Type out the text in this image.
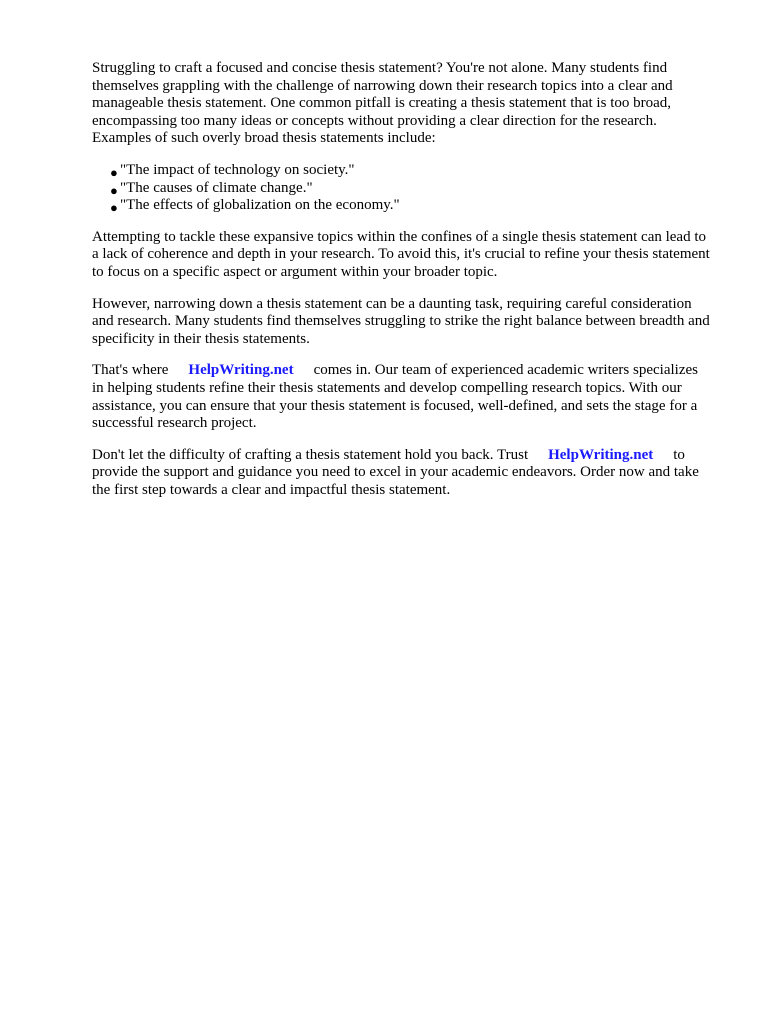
Struggling to craft a focused and concise thesis statement? You're not alone. Many students find themselves grappling with the challenge of narrowing down their research topics into a clear and manageable thesis statement. One common pitfall is creating a thesis statement that is too broad, encompassing too many ideas or concepts without providing a clear direction for the research. Examples of such overly broad thesis statements include:

● "The impact of technology on society."
● "The causes of climate change."
● "The effects of globalization on the economy."

Attempting to tackle these expansive topics within the confines of a single thesis statement can lead to a lack of coherence and depth in your research. To avoid this, it's crucial to refine your thesis statement to focus on a specific aspect or argument within your broader topic.

However, narrowing down a thesis statement can be a daunting task, requiring careful consideration and research. Many students find themselves struggling to strike the right balance between breadth and specificity in their thesis statements.

That's where HelpWriting.net comes in. Our team of experienced academic writers specializes in helping students refine their thesis statements and develop compelling research topics. With our assistance, you can ensure that your thesis statement is focused, well-defined, and sets the stage for a successful research project.

Don't let the difficulty of crafting a thesis statement hold you back. Trust HelpWriting.net to provide the support and guidance you need to excel in your academic endeavors. Order now and take the first step towards a clear and impactful thesis statement.
